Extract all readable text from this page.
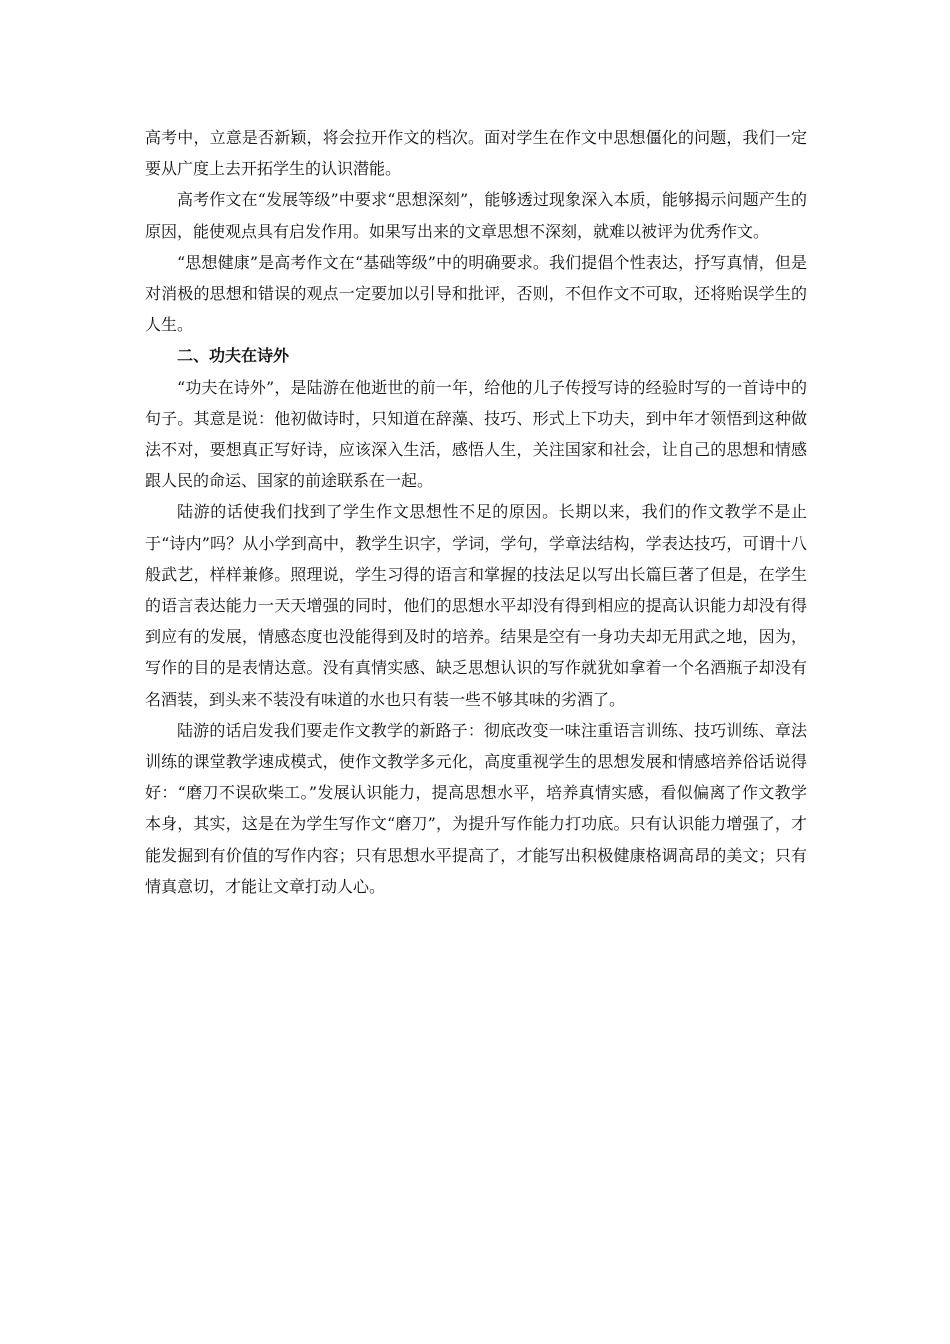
高考中，立意是否新颖，将会拉开作文的档次。面对学生在作文中思想僵化的问题，我们一定要从广度上去开拓学生的认识潜能。

高考作文在“发展等级”中要求“思想深刻”，能够透过现象深入本质，能够揭示问题产生的原因，能使观点具有启发作用。如果写出来的文章思想不深刻，就难以被评为优秀作文。

“思想健康”是高考作文在“基础等级”中的明确要求。我们提倡个性表达，抒写真情，但是对消极的思想和错误的观点一定要加以引导和批评，否则，不但作文不可取，还将贻误学生的人生。

二、功夫在诗外

“功夫在诗外”，是陆游在他逝世的前一年，给他的儿子传授写诗的经验时写的一首诗中的句子。其意是说：他初做诗时，只知道在辞藻、技巧、形式上下功夫，到中年才领悟到这种做法不对，要想真正写好诗，应该深入生活，感悟人生，关注国家和社会，让自己的思想和情感跟人民的命运、国家的前途联系在一起。

陆游的话使我们找到了学生作文思想性不足的原因。长期以来，我们的作文教学不是止于“诗内”吗？从小学到高中，教学生识字，学词，学句，学章法结构，学表达技巧，可谓十八般武艺，样样兼修。照理说，学生习得的语言和掌握的技法足以写出长篇巨著了但是，在学生的语言表达能力一天天增强的同时，他们的思想水平却没有得到相应的提高认识能力却没有得到应有的发展，情感态度也没能得到及时的培养。结果是空有一身功夫却无用武之地，因为，写作的目的是表情达意。没有真情实感、缺乏思想认识的写作就犹如拿着一个名酒瓶子却没有名酒装，到头来不装没有味道的水也只有装一些不够其味的劣酒了。

陆游的话启发我们要走作文教学的新路子：彻底改变一味注重语言训练、技巧训练、章法训练的课堂教学速成模式，使作文教学多元化，高度重视学生的思想发展和情感培养俗话说得好：“磨刀不误砍柴工。”发展认识能力，提高思想水平，培养真情实感，看似偏离了作文教学本身，其实，这是在为学生写作文“磨刀”，为提升写作能力打功底。只有认识能力增强了，才能发掘到有价值的写作内容；只有思想水平提高了，才能写出积极健康格调高昂的美文；只有情真意切，才能让文章打动人心。
